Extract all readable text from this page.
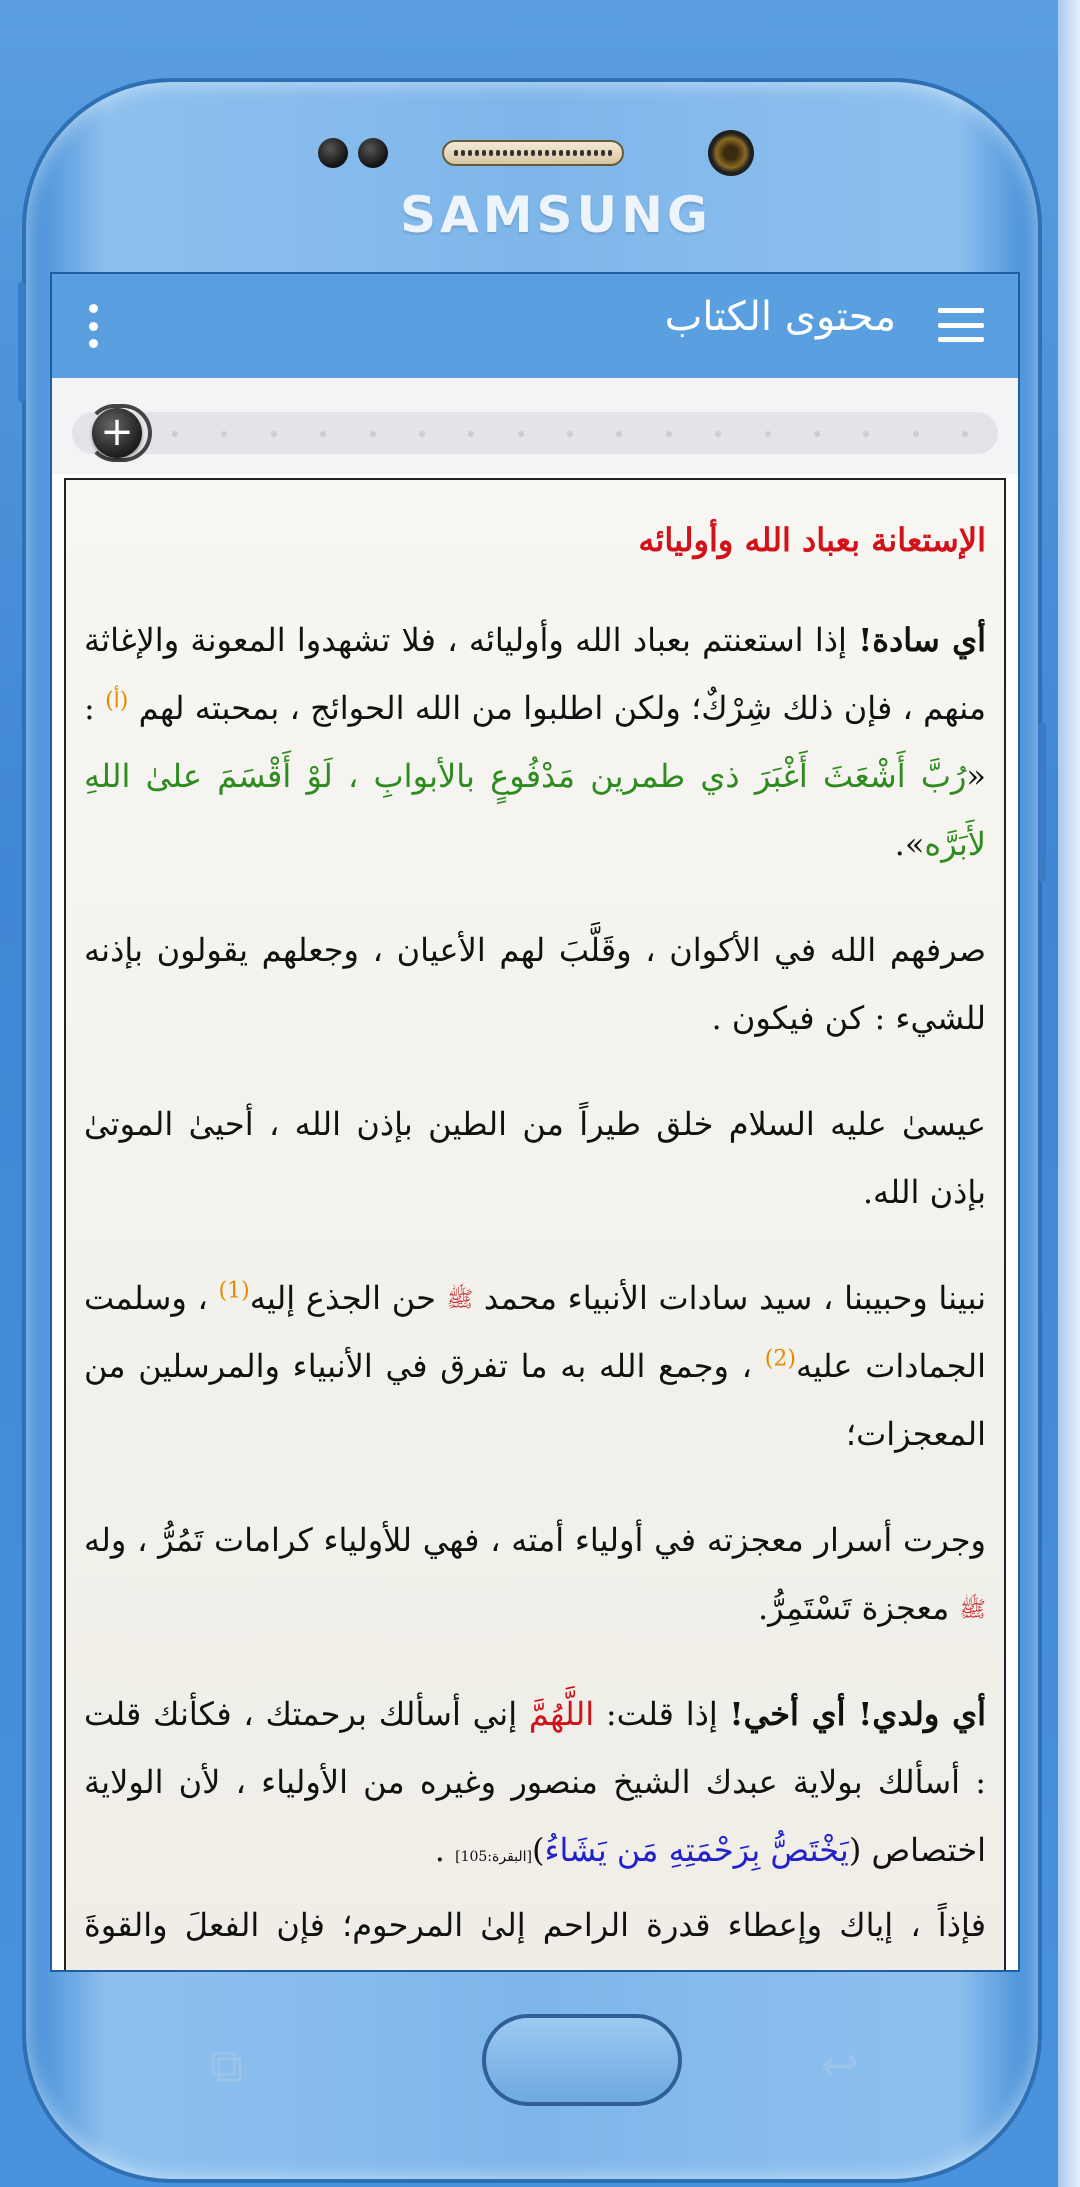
SAMSUNG
محتوى الكتاب
+
الإستعانة بعباد الله وأوليائه

أي سادة! إذا استعنتم بعباد الله وأوليائه ، فلا تشهدوا المعونة والإغاثة منهم ، فإن ذلك شِرْكٌ؛ ولكن اطلبوا من الله الحوائج ، بمحبته لهم $^{(أ)}$ : «رُبَّ أَشْعَثَ أَغْبَرَ ذي طمرين مَدْفُوعٍ بالأبوابِ ، لَوْ أَقْسَمَ علىٰ اللهِ لأَبَرَّه».

صرفهم الله في الأكوان ، وقَلَّبَ لهم الأعيان ، وجعلهم يقولون بإذنه للشيء : كن فيكون .

عيسىٰ عليه السلام خلق طيراً من الطين بإذن الله ، أحيىٰ الموتىٰ بإذن الله.

نبينا وحبيبنا ، سيد سادات الأنبياء محمد ﷺ حن الجذع إليه$^{(1)}$ ، وسلمت الجمادات عليه$^{(2)}$ ، وجمع الله به ما تفرق في الأنبياء والمرسلين من المعجزات؛

وجرت أسرار معجزته في أولياء أمته ، فهي للأولياء كرامات تَمُرُّ ، وله ﷺ معجزة تَسْتَمِرُّ.

أي ولدي! أي أخي! إذا قلت: اللَّهُمَّ إني أسألك برحمتك ، فكأنك قلت : أسألك بولاية عبدك الشيخ منصور وغيره من الأولياء ، لأن الولاية اختصاص (يَخْتَصُّ بِرَحْمَتِهِ مَن يَشَاءُ)[البقرة:105] .

فإذاً ، إياك وإعطاء قدرة الراحم إلىٰ المرحوم؛ فإن الفعلَ والقوةَ

⧉	↩
